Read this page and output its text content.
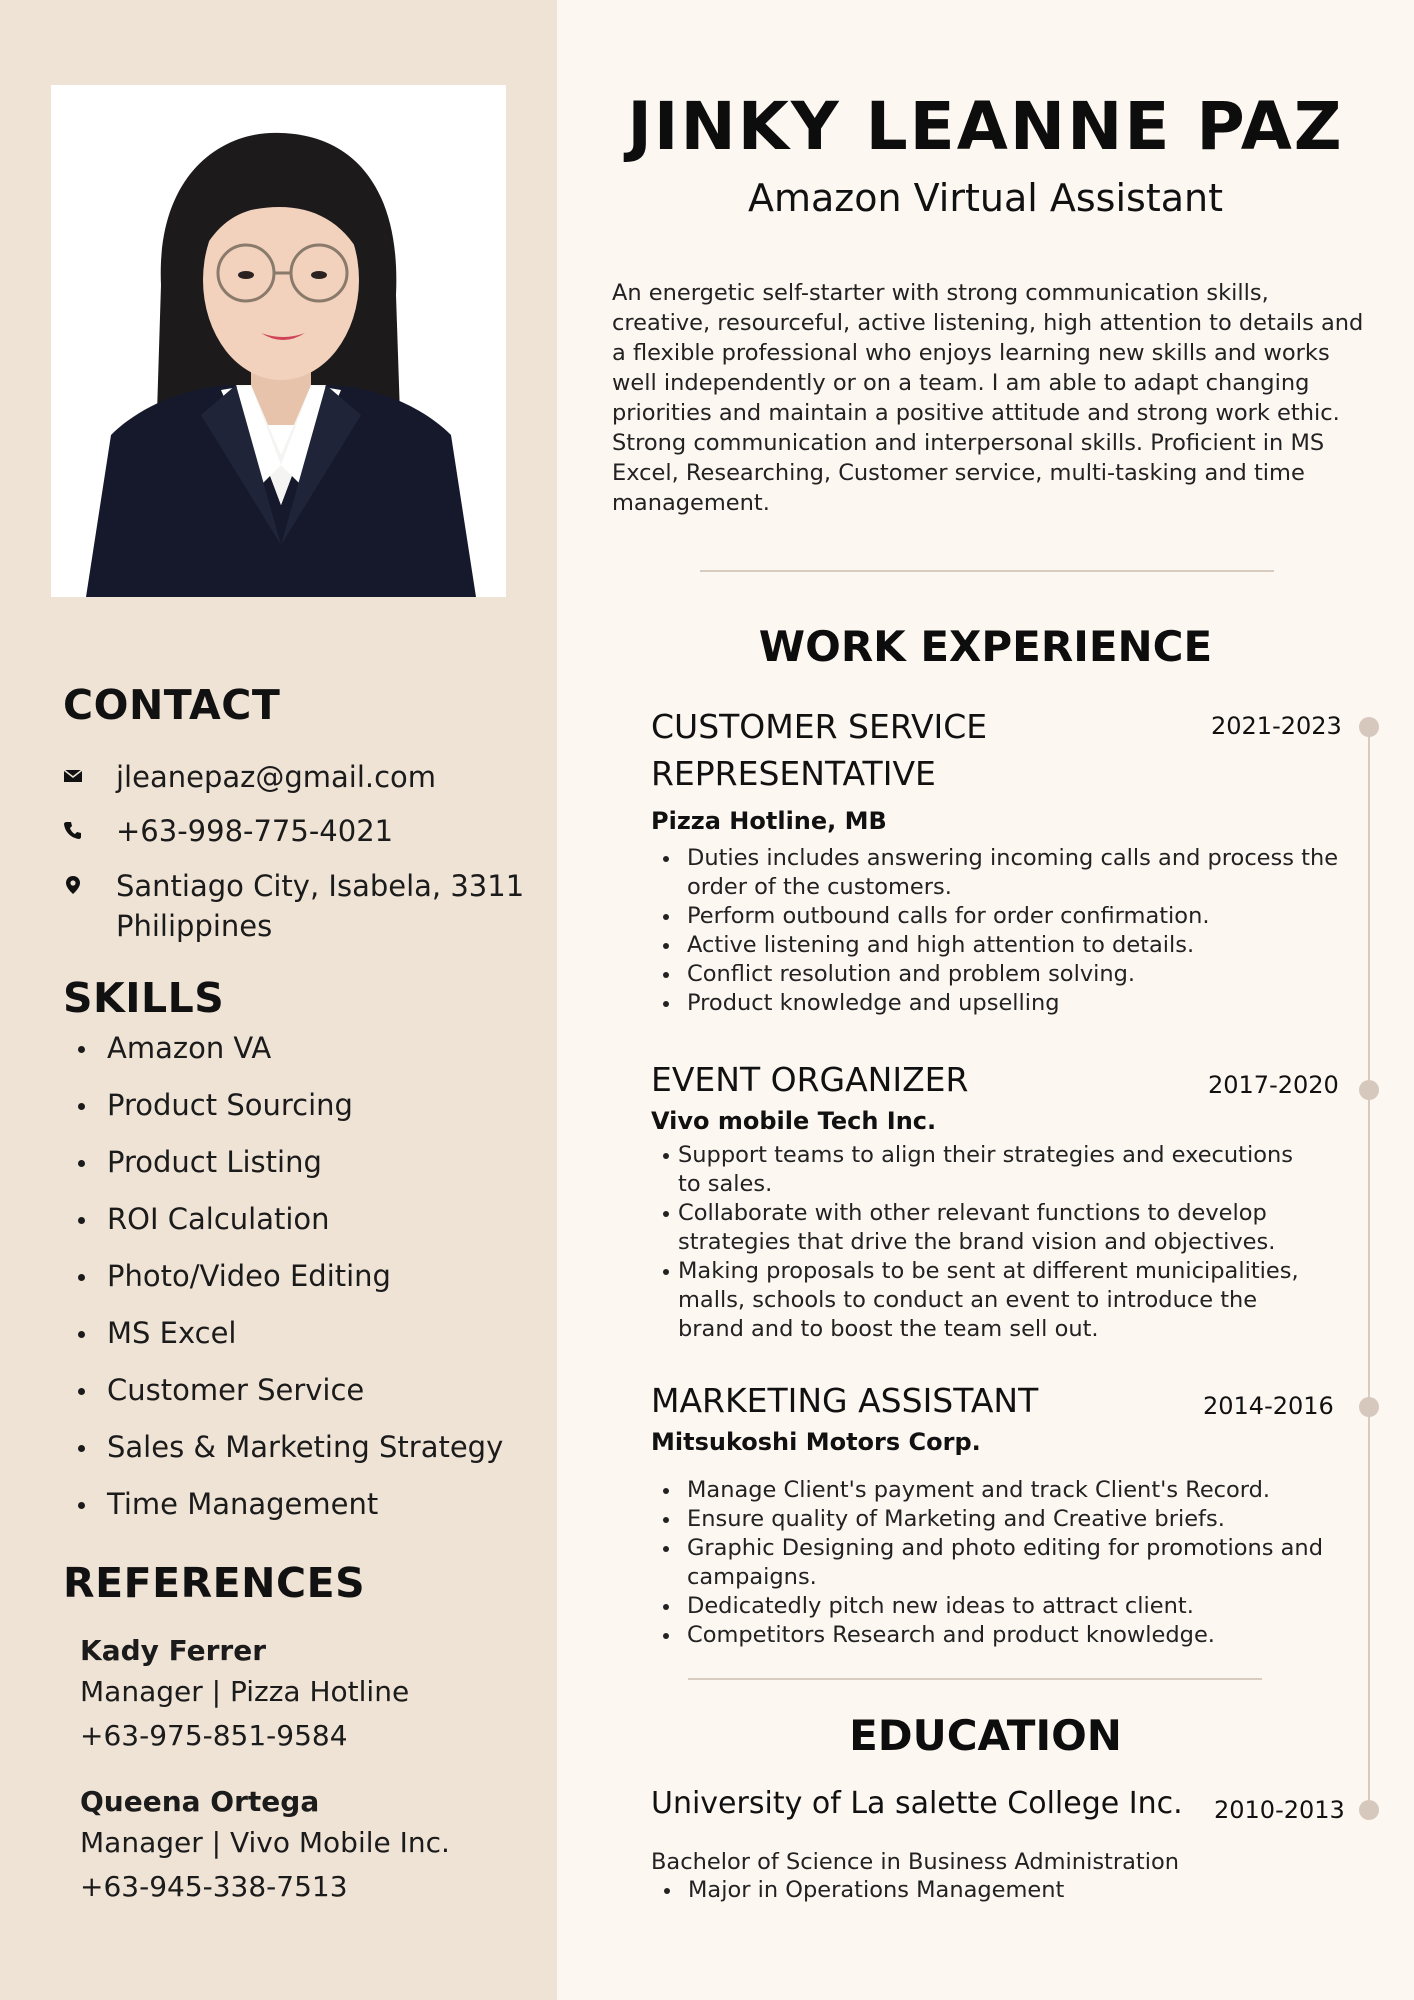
CONTACT
jleanepaz@gmail.com
+63-998-775-4021
Santiago City, Isabela, 3311
Philippines
SKILLS
Amazon VA
Product Sourcing
Product Listing
ROI Calculation
Photo/Video Editing
MS Excel
Customer Service
Sales & Marketing Strategy
Time Management
REFERENCES
Kady Ferrer
Manager | Pizza Hotline
+63-975-851-9584
Queena Ortega
Manager | Vivo Mobile Inc.
+63-945-338-7513
JINKY LEANNE PAZ
Amazon Virtual Assistant
An energetic self-starter with strong communication skills, creative, resourceful, active listening, high attention to details and a flexible professional who enjoys learning new skills and works well independently or on a team. I am able to adapt changing priorities and maintain a positive attitude and strong work ethic. Strong communication and interpersonal skills. Proficient in MS Excel, Researching, Customer service, multi-tasking and time management.
WORK EXPERIENCE
2021-2023

CUSTOMER SERVICE
REPRESENTATIVE

Pizza Hotline, MB

Duties includes answering incoming calls and process the order of the customers.
Perform outbound calls for order confirmation.
Active listening and high attention to details.
Conflict resolution and problem solving.
Product knowledge and upselling
2017-2020

EVENT ORGANIZER

Vivo mobile Tech Inc.

Support teams to align their strategies and executions to sales.
Collaborate with other relevant functions to develop strategies that drive the brand vision and objectives.
Making proposals to be sent at different municipalities, malls, schools to conduct an event to introduce the brand and to boost the team sell out.
2014-2016

MARKETING ASSISTANT

Mitsukoshi Motors Corp.

Manage Client's payment and track Client's Record.
Ensure quality of Marketing and Creative briefs.
Graphic Designing and photo editing for promotions and campaigns.
Dedicatedly pitch new ideas to attract client.
Competitors Research and product knowledge.
EDUCATION
University of La salette College Inc. 2010-2013
Bachelor of Science in Business Administration
Major in Operations Management
